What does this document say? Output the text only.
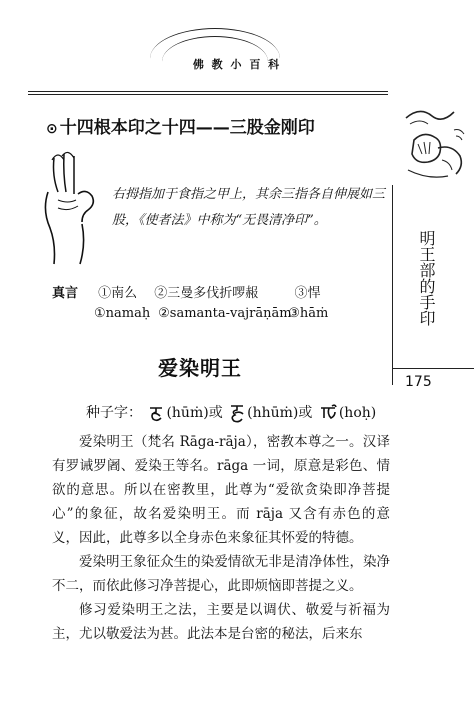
佛 教 小 百 科
明王部的手印
175
⊙ 十四根本印之十四——三股金刚印
右拇指加于食指之甲上，其余三指各自伸展如三股，《使者法》中称为“无畏清净印”。
真言 ①南么 ②三曼多伐折啰赧	③悍
①namaḥ ②samanta-vajrāṇām ③hāṁ
爱染明王
种子字： (hūṁ)或 (hhūṁ)或 (hoḥ)

爱染明王（梵名 Rāga-rāja），密教本尊之一。汉译有罗诫罗阇、爱染王等名。rāga 一词，原意是彩色、情欲的意思。所以在密教里，此尊为“爱欲贪染即净菩提心”的象征，故名爱染明王。而 rāja 又含有赤色的意义，因此，此尊多以全身赤色来象征其怀爱的特德。

爱染明王象征众生的染爱情欲无非是清净体性，染净不二，而依此修习净菩提心，此即烦恼即菩提之义。

修习爱染明王之法，主要是以调伏、敬爱与祈福为主，尤以敬爱法为甚。此法本是台密的秘法，后来东
